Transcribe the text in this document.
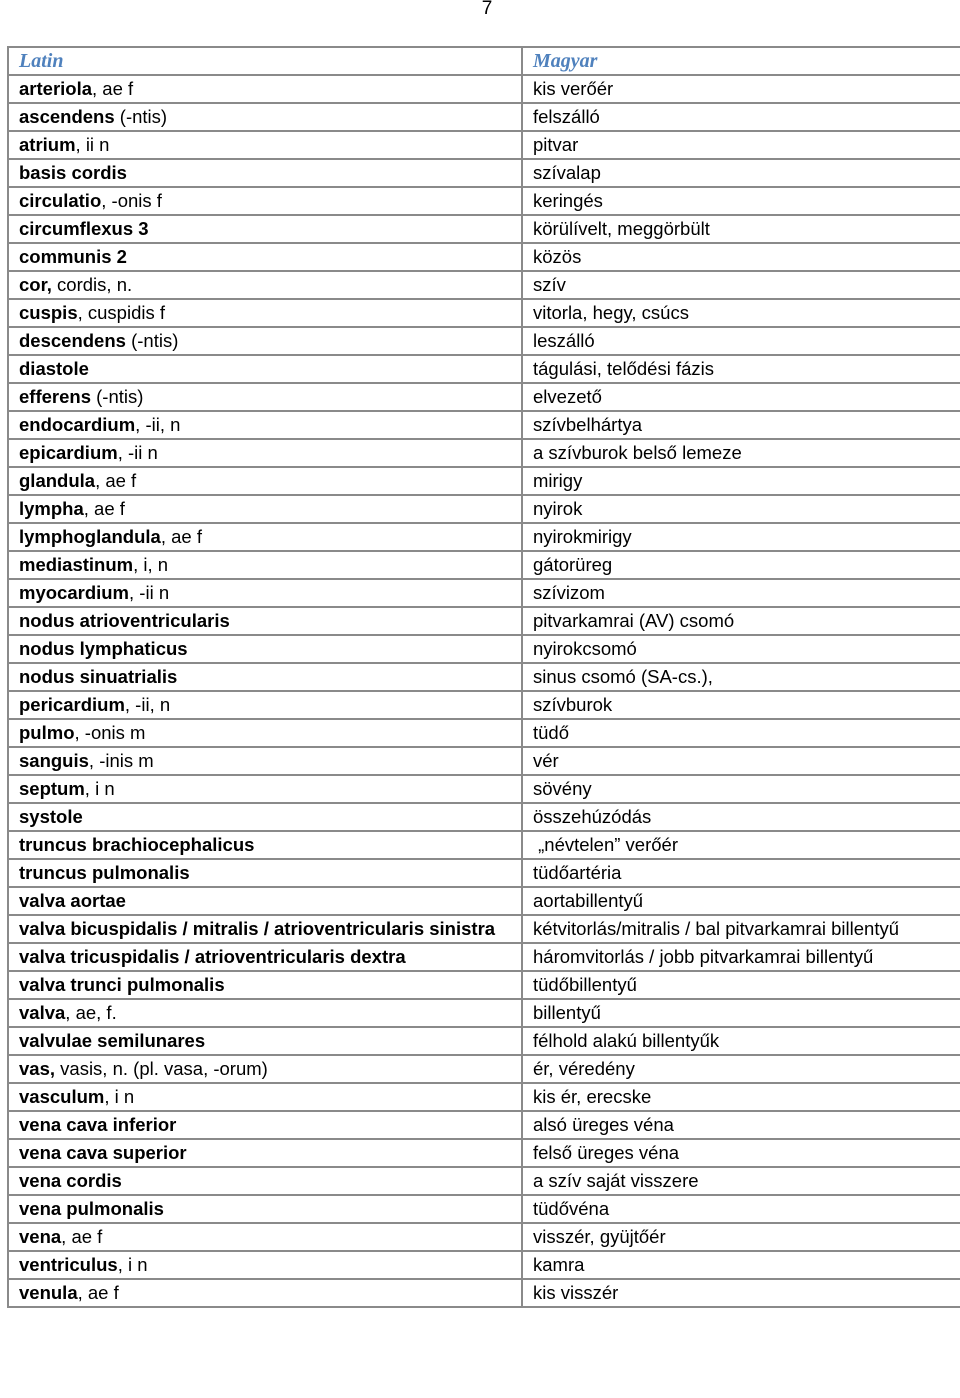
7
Latin	Magyar
arteriola, ae f	kis verőér
ascendens (-ntis)	felszálló
atrium, ii n	pitvar
basis cordis	szívalap
circulatio, -onis f	keringés
circumflexus 3	körülívelt, meggörbült
communis 2	közös
cor, cordis, n.	szív
cuspis, cuspidis f	vitorla, hegy, csúcs
descendens (-ntis)	leszálló
diastole	tágulási, telődési fázis
efferens (-ntis)	elvezető
endocardium, -ii, n	szívbelhártya
epicardium, -ii n	a szívburok belső lemeze
glandula, ae f	mirigy
lympha, ae f	nyirok
lymphoglandula, ae f	nyirokmirigy
mediastinum, i, n	gátorüreg
myocardium, -ii n	szívizom
nodus atrioventricularis	pitvarkamrai (AV) csomó
nodus lymphaticus	nyirokcsomó
nodus sinuatrialis	sinus csomó (SA-cs.),
pericardium, -ii, n	szívburok
pulmo, -onis m	tüdő
sanguis, -inis m	vér
septum, i n	sövény
systole	összehúzódás
truncus brachiocephalicus	„névtelen” verőér
truncus pulmonalis	tüdőartéria
valva aortae	aortabillentyű
valva bicuspidalis / mitralis / atrioventricularis sinistra	kétvitorlás/mitralis / bal pitvarkamrai billentyű
valva tricuspidalis / atrioventricularis dextra	háromvitorlás / jobb pitvarkamrai billentyű
valva trunci pulmonalis	tüdőbillentyű
valva, ae, f.	billentyű
valvulae semilunares	félhold alakú billentyűk
vas, vasis, n. (pl. vasa, -orum)	ér, véredény
vasculum, i n	kis ér, erecske
vena cava inferior	alsó üreges véna
vena cava superior	felső üreges véna
vena cordis	a szív saját visszere
vena pulmonalis	tüdővéna
vena, ae f	visszér, gyüjtőér
ventriculus, i n	kamra
venula, ae f	kis visszér
